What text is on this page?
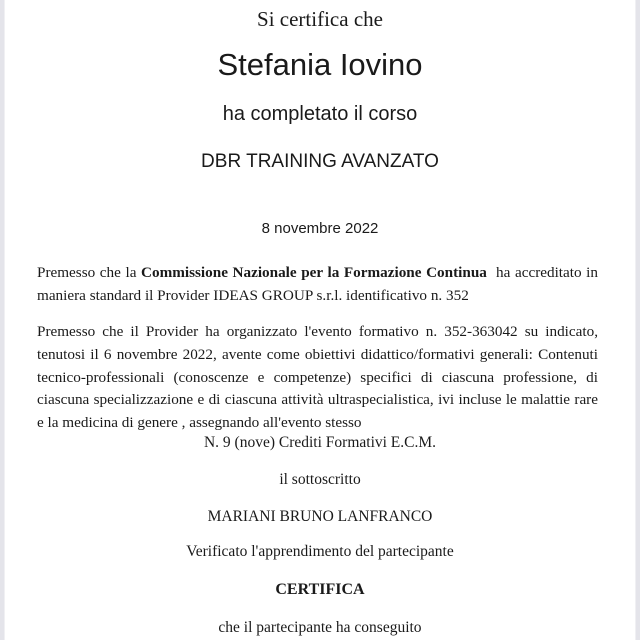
Si certifica che
Stefania Iovino
ha completato il corso
DBR TRAINING AVANZATO
8 novembre 2022

Premesso che la Commissione Nazionale per la Formazione Continua  ha accreditato in maniera standard il Provider IDEAS GROUP s.r.l. identificativo n. 352

Premesso che il Provider ha organizzato l'evento formativo n. 352-363042 su indicato, tenutosi il 6 novembre 2022, avente come obiettivi didattico/formativi generali: Contenuti tecnico-professionali (conoscenze e competenze) specifici di ciascuna professione, di ciascuna specializzazione e di ciascuna attività ultraspecialistica, ivi incluse le malattie rare e la medicina di genere , assegnando all'evento stesso

N. 9 (nove) Crediti Formativi E.C.M.
il sottoscritto
MARIANI BRUNO LANFRANCO
Verificato l'apprendimento del partecipante
CERTIFICA
che il partecipante ha conseguito
